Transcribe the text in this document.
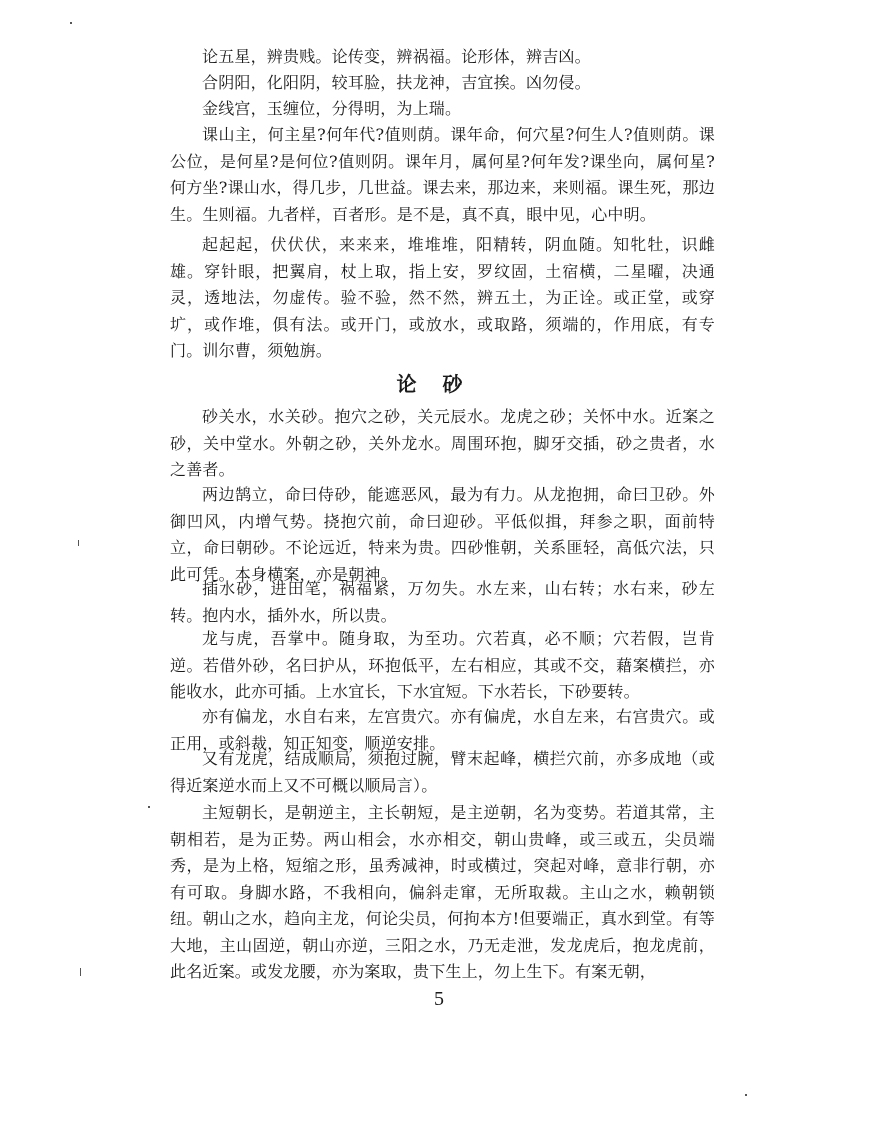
论五星，辨贵贱。论传变，辨祸福。论形体，辨吉凶。

合阴阳，化阳阴，较耳脸，扶龙神，吉宜挨。凶勿侵。

金线宫，玉缠位，分得明，为上瑞。

课山主，何主星?何年代?值则荫。课年命，何穴星?何生人?值则荫。课公位，是何星?是何位?值则阴。课年月，属何星?何年发?课坐向，属何星?何方坐?课山水，得几步，几世益。课去来，那边来，来则福。课生死，那边生。生则福。九者样，百者形。是不是，真不真，眼中见，心中明。

起起起，伏伏伏，来来来，堆堆堆，阳精转，阴血随。知牝牡，识雌雄。穿针眼，把翼肩，杖上取，指上安，罗纹固，土宿横，二星曜，决通灵，透地法，勿虚传。验不验，然不然，辨五土，为正诠。或正堂，或穿圹，或作堆，俱有法。或开门，或放水，或取路，须端的，作用底，有专门。训尔曹，须勉旃。

论砂

砂关水，水关砂。抱穴之砂，关元辰水。龙虎之砂；关怀中水。近案之砂，关中堂水。外朝之砂，关外龙水。周围环抱，脚牙交插，砂之贵者，水之善者。

两边鹄立，命曰侍砂，能遮恶风，最为有力。从龙抱拥，命曰卫砂。外御凹风，内增气势。挠抱穴前，命曰迎砂。平低似揖，拜参之职，面前特立，命曰朝砂。不论远近，特来为贵。四砂惟朝，关系匪轻，高低穴法，只此可凭。本身横案，亦是朝神。

插水砂，进田笔，祸福紧，万勿失。水左来，山右转；水右来，砂左转。抱内水，插外水，所以贵。

龙与虎，吾掌中。随身取，为至功。穴若真，必不顺；穴若假，岂肯逆。若借外砂，名曰护从，环抱低平，左右相应，其或不交，藉案横拦，亦能收水，此亦可插。上水宜长，下水宜短。下水若长，下砂要转。

亦有偏龙，水自右来，左宫贵穴。亦有偏虎，水自左来，右宫贵穴。或正用，或斜裁，知正知变，顺逆安排。

又有龙虎，结成顺局，须抱过腕，臂末起峰，横拦穴前，亦多成地（或得近案逆水而上又不可概以顺局言）。

主短朝长，是朝逆主，主长朝短，是主逆朝，名为变势。若道其常，主朝相若，是为正势。两山相会，水亦相交，朝山贵峰，或三或五，尖员端秀，是为上格，短缩之形，虽秀减神，时或横过，突起对峰，意非行朝，亦有可取。身脚水路，不我相向，偏斜走窜，无所取裁。主山之水，赖朝锁纽。朝山之水，趋向主龙，何论尖员，何拘本方!但要端正，真水到堂。有等大地，主山固逆，朝山亦逆，三阳之水，乃无走泄，发龙虎后，抱龙虎前，此名近案。或发龙腰，亦为案取，贵下生上，勿上生下。有案无朝，

5
